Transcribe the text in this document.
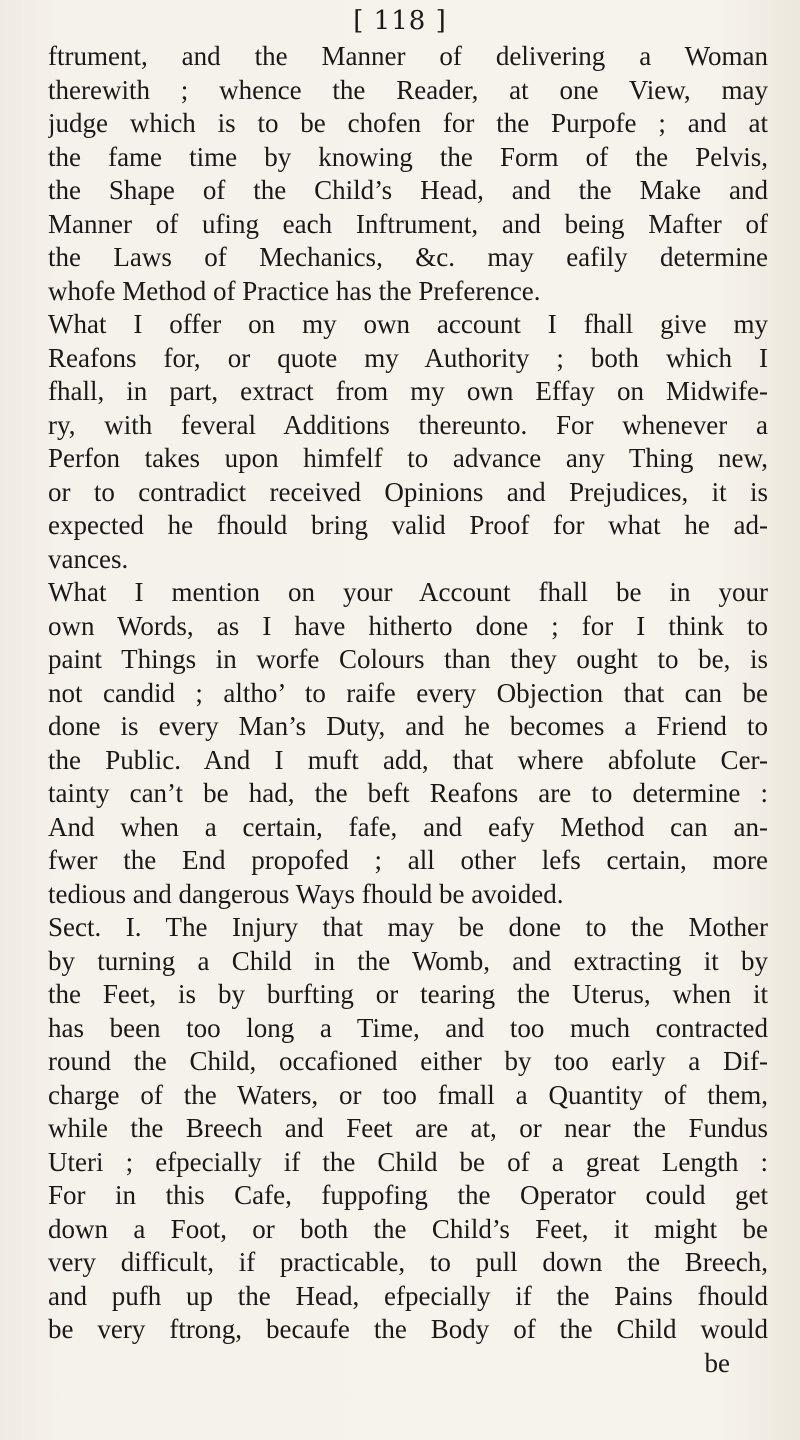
[ 118 ]
ftrument, and the Manner of delivering a Woman
therewith ; whence the Reader, at one View, may
judge which is to be chofen for the Purpofe ; and at
the fame time by knowing the Form of the Pelvis,
the Shape of the Child’s Head, and the Make and
Manner of ufing each Inftrument, and being Mafter of
the Laws of Mechanics, &c. may eafily determine
whofe Method of Practice has the Preference.
What I offer on my own account I fhall give my
Reafons for, or quote my Authority ; both which I
fhall, in part, extract from my own Effay on Midwife-
ry, with feveral Additions thereunto. For whenever a
Perfon takes upon himfelf to advance any Thing new,
or to contradict received Opinions and Prejudices, it is
expected he fhould bring valid Proof for what he ad-
vances.
What I mention on your Account fhall be in your
own Words, as I have hitherto done ; for I think to
paint Things in worfe Colours than they ought to be, is
not candid ; altho’ to raife every Objection that can be
done is every Man’s Duty, and he becomes a Friend to
the Public. And I muft add, that where abfolute Cer-
tainty can’t be had, the beft Reafons are to determine :
And when a certain, fafe, and eafy Method can an-
fwer the End propofed ; all other lefs certain, more
tedious and dangerous Ways fhould be avoided.
Sect. I. The Injury that may be done to the Mother
by turning a Child in the Womb, and extracting it by
the Feet, is by burfting or tearing the Uterus, when it
has been too long a Time, and too much contracted
round the Child, occafioned either by too early a Dif-
charge of the Waters, or too fmall a Quantity of them,
while the Breech and Feet are at, or near the Fundus
Uteri ; efpecially if the Child be of a great Length :
For in this Cafe, fuppofing the Operator could get
down a Foot, or both the Child’s Feet, it might be
very difficult, if practicable, to pull down the Breech,
and pufh up the Head, efpecially if the Pains fhould
be very ftrong, becaufe the Body of the Child would
be
